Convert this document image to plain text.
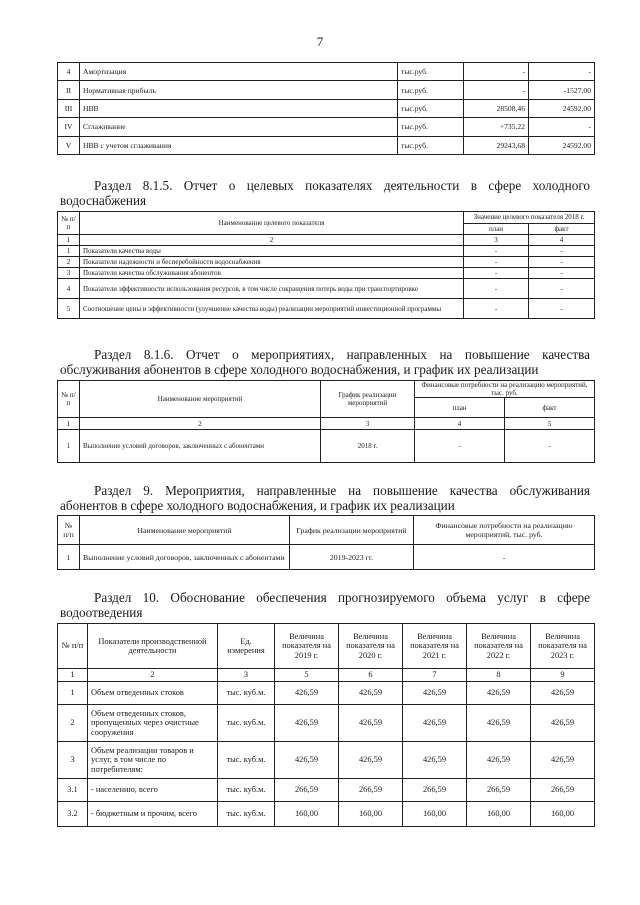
7
4	Амортизация	тыс.руб.	-	-
II	Нормативная прибыль	тыс.руб.	-	-1527,00
III	НВВ	тыс.руб.	28508,46	24592,00
IV	Сглаживание	тыс.руб.	+735,22	-
V	НВВ с учетом сглаживания	тыс.руб.	29243,68	24592,00
Раздел 8.1.5. Отчет о целевых показателях деятельности в сфере холодного водоснабжения
№ п/п	Наименование целевого показателя	Значение целевого показателя 2018 г.	
		план	факт
1	2	3	4
1	Показатели качества воды	-	-
2	Показатели надежности и бесперебойности водоснабжения	-	-
3	Показатели качества обслуживания абонентов	-	-
4	Показатели эффективности использования ресурсов, в том числе сокращения потерь воды при транспортировке	-	-
5	Соотношение цены и эффективности (улучшение качества воды) реализации мероприятий инвестиционной программы	-	-
Раздел 8.1.6. Отчет о мероприятиях, направленных на повышение качества обслуживания абонентов в сфере холодного водоснабжения, и график их реализации
№ п/п	Наименование мероприятий	График реализации мероприятий	Финансовые потребности на реализацию мероприятий, тыс. руб.	
			план	факт
1	2	3	4	5
1	Выполнение условий договоров, заключенных с абонентами	2018 г.	-	-
Раздел 9. Мероприятия, направленные на повышение качества обслуживания абонентов в сфере холодного водоснабжения, и график их реализации
№ п/п	Наименование мероприятий	График реализации мероприятий	Финансовые потребности на реализацию мероприятий, тыс. руб.
1	Выполнение условий договоров, заключенных с абонентами	2019-2023 гг.	-
Раздел 10. Обоснование обеспечения прогнозируемого объема услуг в сфере водоотведения
№ п/п	Показатели производственной деятельности	Ед. измерения	Величина показателя на 2019 г.	Величина показателя на 2020 г.	Величина показателя на 2021 г.	Величина показателя на 2022 г.	Величина показателя на 2023 г.
1	2	3	5	6	7	8	9
1	Объем отведенных стоков	тыс. куб.м.	426,59	426,59	426,59	426,59	426,59
2	Объем отведенных стоков, пропущенных через очистные сооружения	тыс. куб.м.	426,59	426,59	426,59	426,59	426,59
3	Объем реализации товаров и услуг, в том числе по потребителям:	тыс. куб.м.	426,59	426,59	426,59	426,59	426,59
3.1	- населению, всего	тыс. куб.м.	266,59	266,59	266,59	266,59	266,59
3.2	- бюджетным и прочим, всего	тыс. куб.м.	160,00	160,00	160,00	160,00	160,00
